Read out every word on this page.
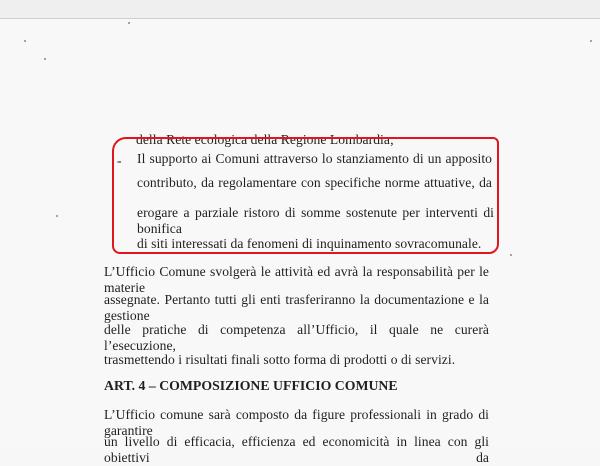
della Rete ecologica della Regione Lombardia;
- Il supporto ai Comuni attraverso lo stanziamento di un apposito
contributo, da regolamentare con specifiche norme attuative, da
erogare a parziale ristoro di somme sostenute per interventi di bonifica
di siti interessati da fenomeni di inquinamento sovracomunale.
L’Ufficio Comune svolgerà le attività ed avrà la responsabilità per le materie
assegnate. Pertanto tutti gli enti trasferiranno la documentazione e la gestione
delle pratiche di competenza all’Ufficio, il quale ne curerà l’esecuzione,
trasmettendo i risultati finali sotto forma di prodotti o di servizi.
ART. 4 – COMPOSIZIONE UFFICIO COMUNE
L’Ufficio comune sarà composto da figure professionali in grado di garantire
un livello di efficacia, efficienza ed economicità in linea con gli obiettivi da
